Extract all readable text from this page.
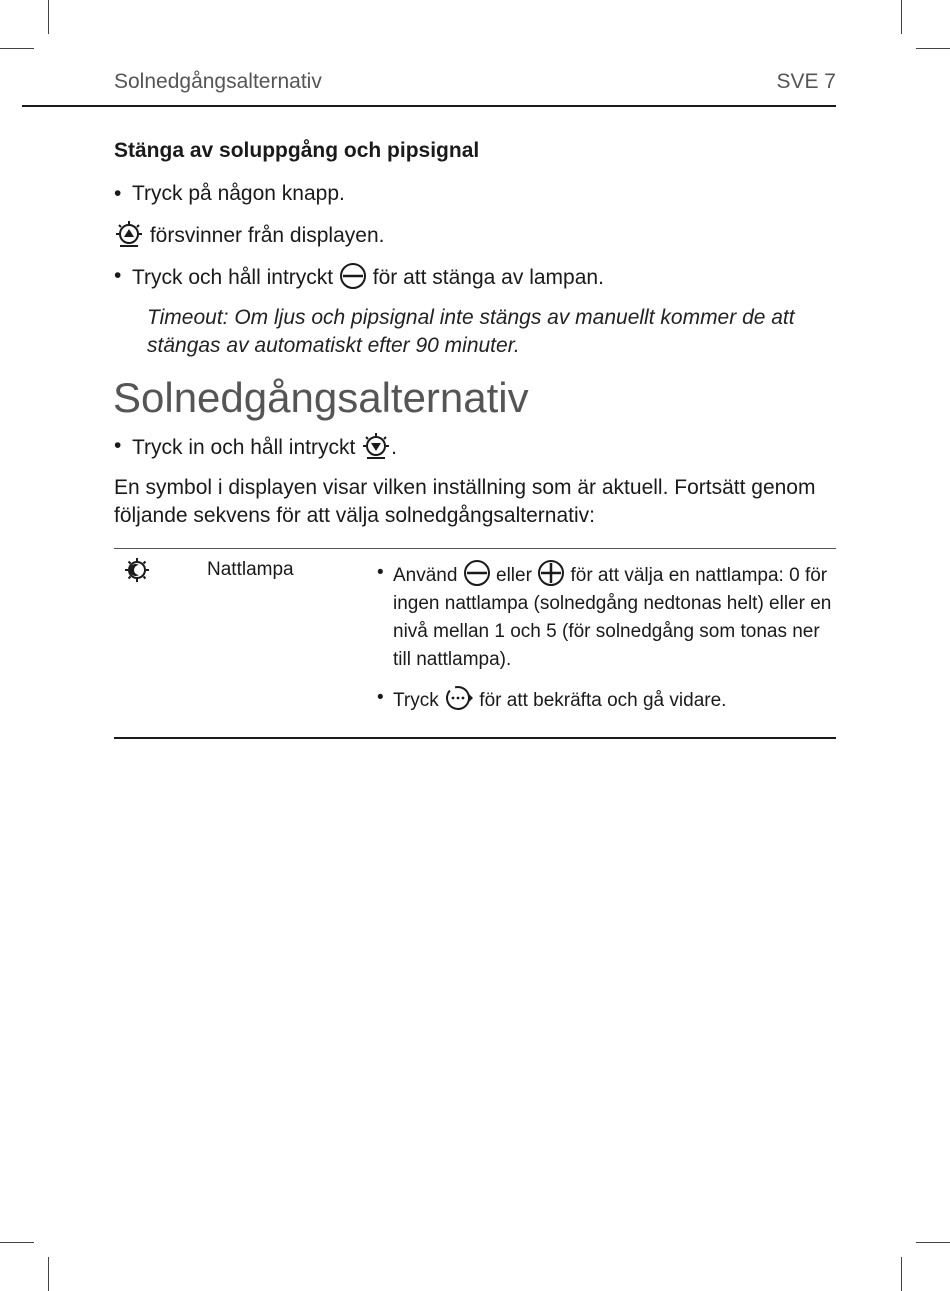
Solnedgångsalternativ	SVE 7
Stänga av soluppgång och pipsignal
• Tryck på någon knapp.
försvinner från displayen.
• Tryck och håll intryckt
för att stänga av lampan.
Timeout: Om ljus och pipsignal inte stängs av manuellt kommer de att stängas av automatiskt efter 90 minuter.
Solnedgångsalternativ
• Tryck in och håll intryckt
.
En symbol i displayen visar vilken inställning som är aktuell. Fortsätt genom följande sekvens för att välja solnedgångsalternativ:
	Nattlampa	• Använd
eller
för att välja en nattlampa: 0 för ingen nattlampa (solnedgång nedtonas helt) eller en nivå mellan 1 och 5 (för solnedgång som tonas ner till nattlampa).
• Tryck
för att bekräfta och gå vidare.
